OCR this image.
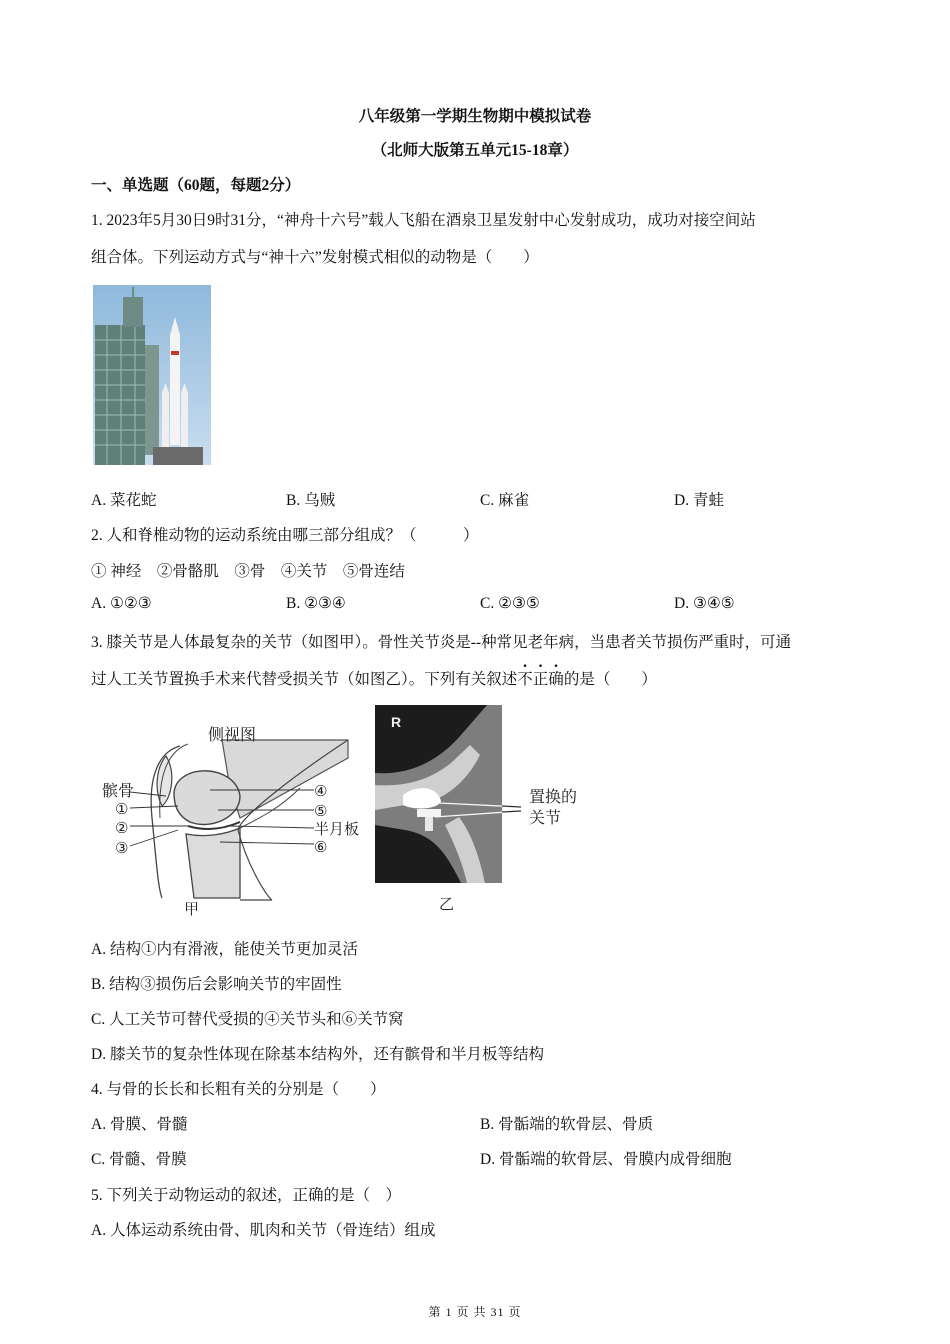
八年级第一学期生物期中模拟试卷
（北师大版第五单元15-18章）
一、单选题（60题，每题2分）
1. 2023年5月30日9时31分，“神舟十六号”载人飞船在酒泉卫星发射中心发射成功，成功对接空间站
组合体。下列运动方式与“神十六”发射模式相似的动物是（　　）
A. 菜花蛇	B. 乌贼	C. 麻雀	D. 青蛙
2. 人和脊椎动物的运动系统由哪三部分组成？（　　　）
① 神经　②骨骼肌　③骨　④关节　⑤骨连结
A. ①②③	B. ②③④	C. ②③⑤	D. ③④⑤
3. 膝关节是人体最复杂的关节（如图甲）。骨性关节炎是--种常见老年病，当患者关节损伤严重时，可通
过人工关节置换手术来代替受损关节（如图乙）。下列有关叙述不正确的是（　　）
侧视图
髌骨
①
②
③
④
⑤
半月板
⑥
甲
R
置换的
关节
乙
A. 结构①内有滑液，能使关节更加灵活
B. 结构③损伤后会影响关节的牢固性
C. 人工关节可替代受损的④关节头和⑥关节窝
D. 膝关节的复杂性体现在除基本结构外，还有髌骨和半月板等结构
4. 与骨的长长和长粗有关的分别是（　　）
A. 骨膜、骨髓	B. 骨骺端的软骨层、骨质
C. 骨髓、骨膜	D. 骨骺端的软骨层、骨膜内成骨细胞
5. 下列关于动物运动的叙述，正确的是（　）
A. 人体运动系统由骨、肌肉和关节（骨连结）组成
第 1 页 共 31 页
